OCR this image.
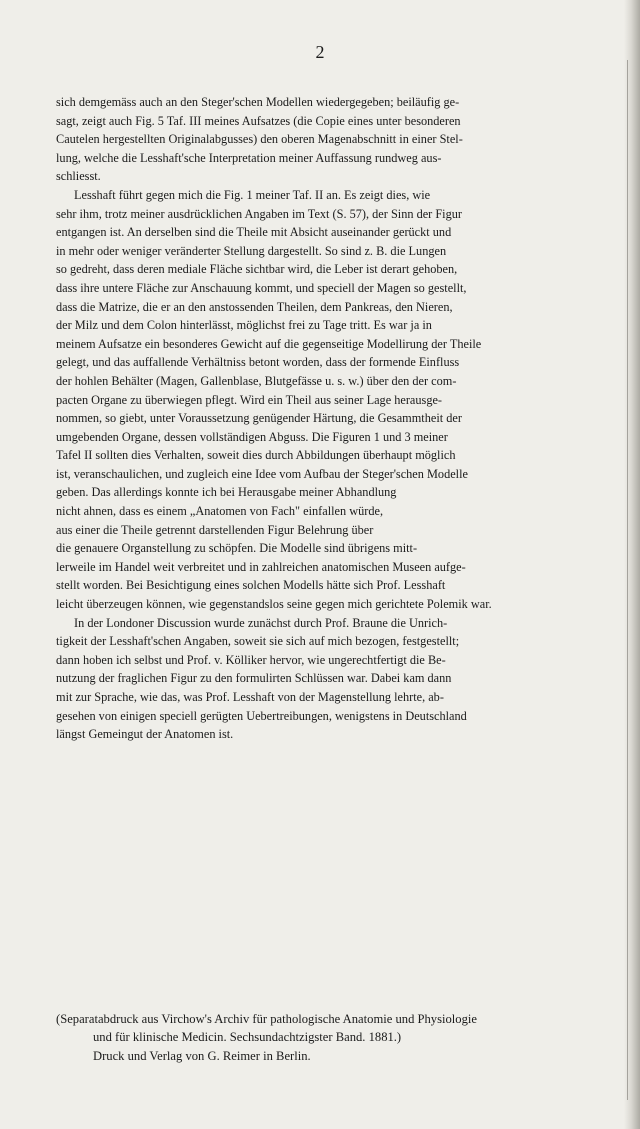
2
sich demgemäss auch an den Steger'schen Modellen wiedergegeben; beiläufig ge-
sagt, zeigt auch Fig. 5 Taf. III meines Aufsatzes (die Copie eines unter besonderen
Cautelen hergestellten Originalabgusses) den oberen Magenabschnitt in einer Stel-
lung, welche die Lesshaft'sche Interpretation meiner Auffassung rundweg aus-
schliesst.
Lesshaft führt gegen mich die Fig. 1 meiner Taf. II an. Es zeigt dies, wie
sehr ihm, trotz meiner ausdrücklichen Angaben im Text (S. 57), der Sinn der Figur
entgangen ist. An derselben sind die Theile mit Absicht auseinander gerückt und
in mehr oder weniger veränderter Stellung dargestellt. So sind z. B. die Lungen
so gedreht, dass deren mediale Fläche sichtbar wird, die Leber ist derart gehoben,
dass ihre untere Fläche zur Anschauung kommt, und speciell der Magen so gestellt,
dass die Matrize, die er an den anstossenden Theilen, dem Pankreas, den Nieren,
der Milz und dem Colon hinterlässt, möglichst frei zu Tage tritt. Es war ja in
meinem Aufsatze ein besonderes Gewicht auf die gegenseitige Modellirung der Theile
gelegt, und das auffallende Verhältniss betont worden, dass der formende Einfluss
der hohlen Behälter (Magen, Gallenblase, Blutgefässe u. s. w.) über den der com-
pacten Organe zu überwiegen pflegt. Wird ein Theil aus seiner Lage herausge-
nommen, so giebt, unter Voraussetzung genügender Härtung, die Gesammtheit der
umgebenden Organe, dessen vollständigen Abguss. Die Figuren 1 und 3 meiner
Tafel II sollten dies Verhalten, soweit dies durch Abbildungen überhaupt möglich
ist, veranschaulichen, und zugleich eine Idee vom Aufbau der Steger'schen Modelle
geben. Das allerdings konnte ich bei Herausgabe meiner Abhandlung
nicht ahnen, dass es einem „Anatomen von Fach" einfallen würde,
aus einer die Theile getrennt darstellenden Figur Belehrung über
die genauere Organstellung zu schöpfen. Die Modelle sind übrigens mitt-
lerweile im Handel weit verbreitet und in zahlreichen anatomischen Museen aufge-
stellt worden. Bei Besichtigung eines solchen Modells hätte sich Prof. Lesshaft
leicht überzeugen können, wie gegenstandslos seine gegen mich gerichtete Polemik war.
In der Londoner Discussion wurde zunächst durch Prof. Braune die Unrich-
tigkeit der Lesshaft'schen Angaben, soweit sie sich auf mich bezogen, festgestellt;
dann hoben ich selbst und Prof. v. Kölliker hervor, wie ungerechtfertigt die Be-
nutzung der fraglichen Figur zu den formulirten Schlüssen war. Dabei kam dann
mit zur Sprache, wie das, was Prof. Lesshaft von der Magenstellung lehrte, ab-
gesehen von einigen speciell gerügten Uebertreibungen, wenigstens in Deutschland
längst Gemeingut der Anatomen ist.
(Separatabdruck aus Virchow's Archiv für pathologische Anatomie und Physiologie
und für klinische Medicin. Sechsundachtzigster Band. 1881.)
Druck und Verlag von G. Reimer in Berlin.
